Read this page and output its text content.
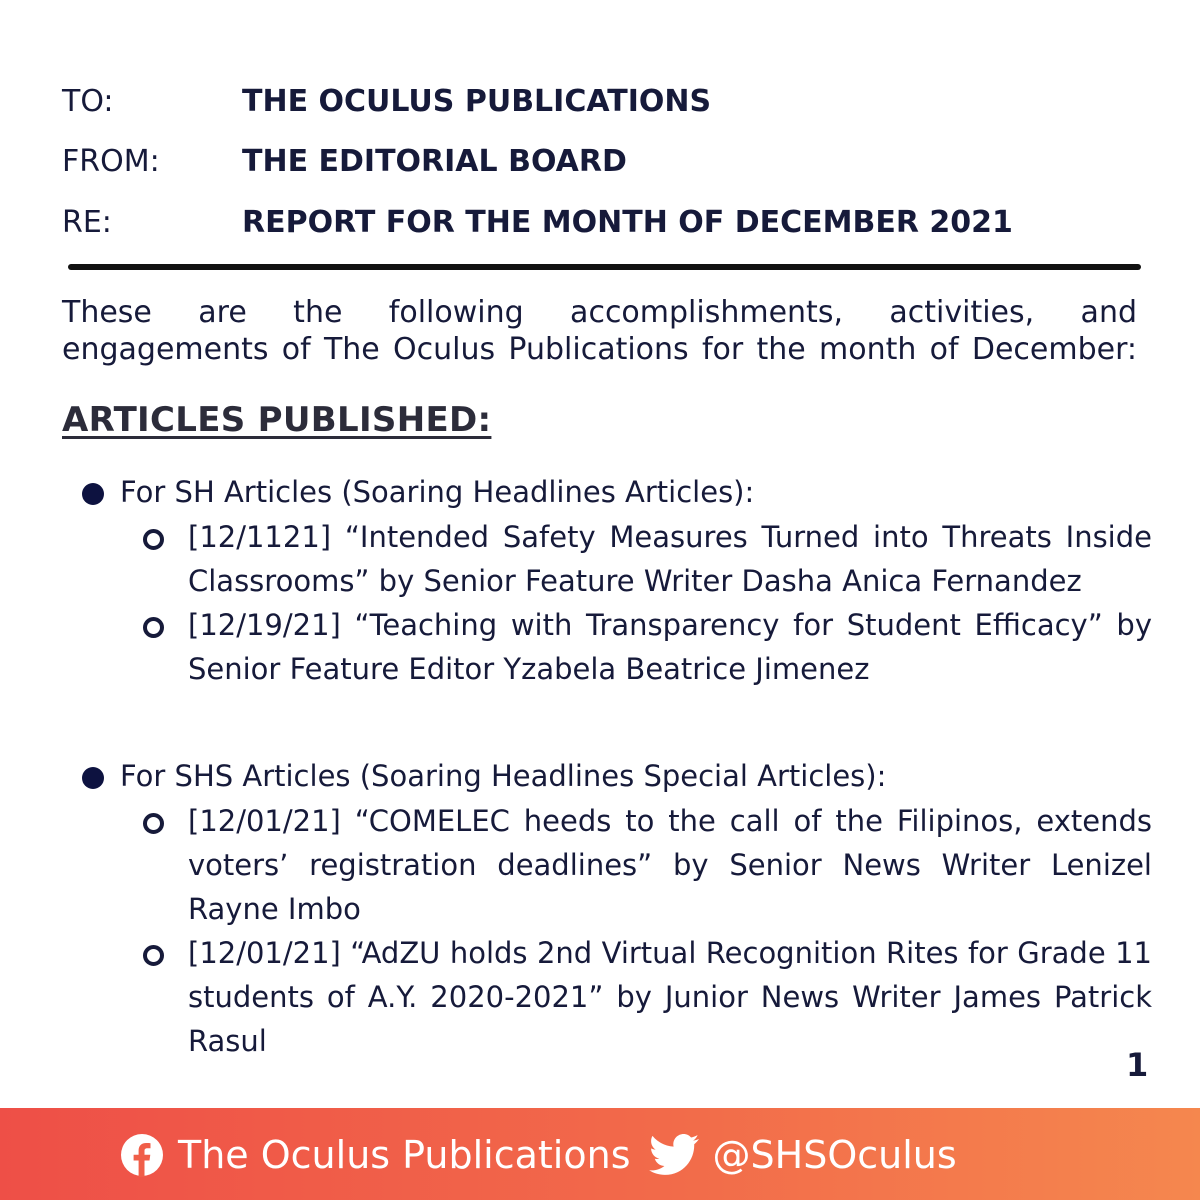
TO:	THE OCULUS PUBLICATIONS
FROM:	THE EDITORIAL BOARD
RE:	REPORT FOR THE MONTH OF DECEMBER 2021
These are the following accomplishments, activities, and
engagements of The Oculus Publications for the month of December:
ARTICLES PUBLISHED:
For SH Articles (Soaring Headlines Articles):
[12/1121] “Intended Safety Measures Turned into Threats Inside Classrooms” by Senior Feature Writer Dasha Anica Fernandez
[12/19/21] “Teaching with Transparency for Student Efficacy” by Senior Feature Editor Yzabela Beatrice Jimenez
For SHS Articles (Soaring Headlines Special Articles):
[12/01/21] “COMELEC heeds to the call of the Filipinos, extends voters’ registration deadlines” by Senior News Writer Lenizel Rayne Imbo
[12/01/21] “AdZU holds 2nd Virtual Recognition Rites for Grade 11 students of A.Y. 2020-2021” by Junior News Writer James Patrick Rasul
1
The Oculus Publications @SHSOculus
